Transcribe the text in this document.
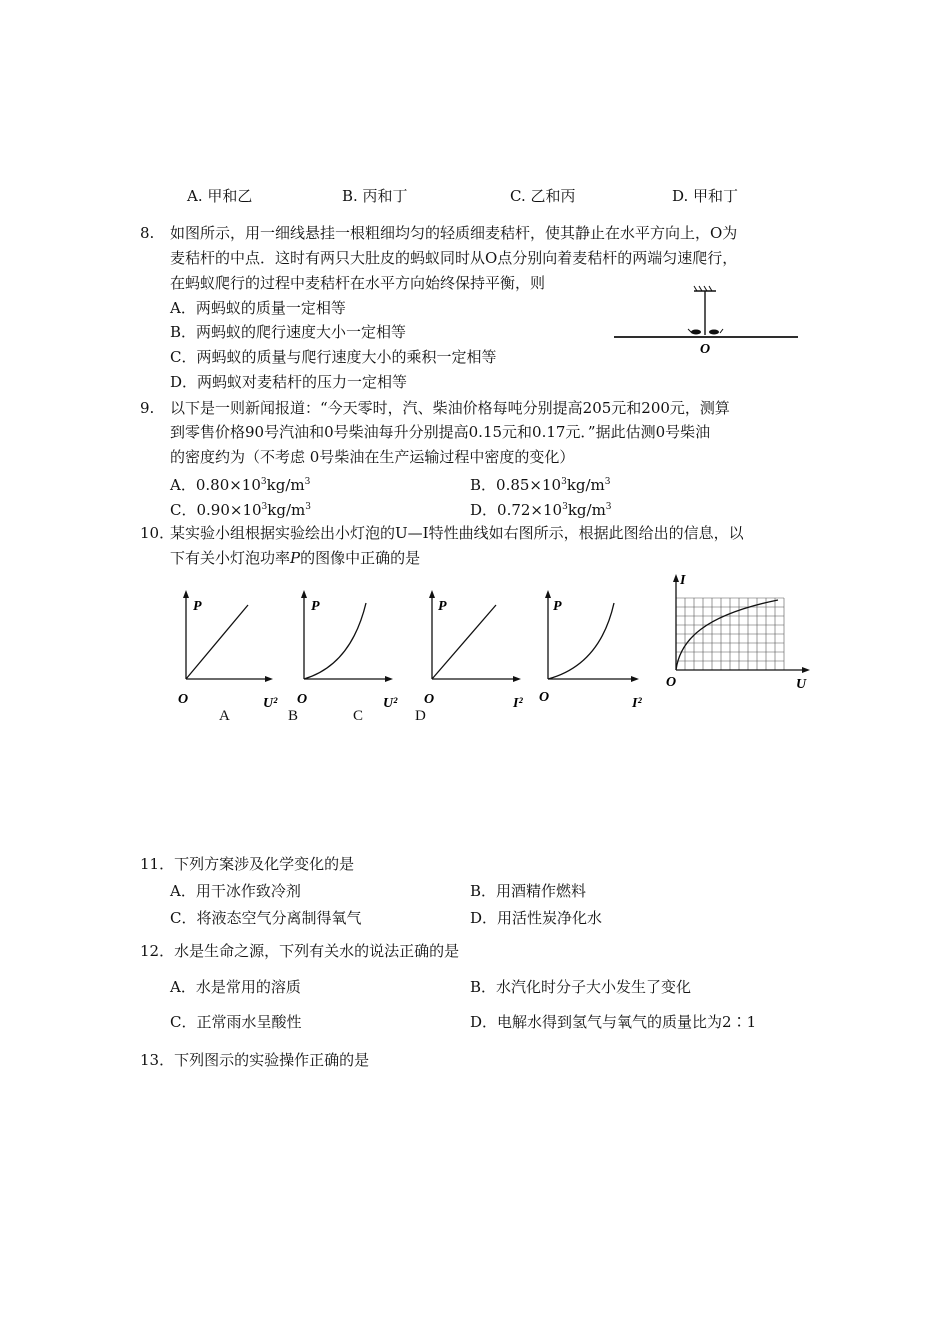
A. 甲和乙	B. 丙和丁	C. 乙和丙	D. 甲和丁
8. 如图所示，用一细线悬挂一根粗细均匀的轻质细麦秸杆，使其静止在水平方向上，O为
麦秸杆的中点．这时有两只大肚皮的蚂蚁同时从O点分别向着麦秸杆的两端匀速爬行，
在蚂蚁爬行的过程中麦秸杆在水平方向始终保持平衡，则
A．两蚂蚁的质量一定相等
B．两蚂蚁的爬行速度大小一定相等
C．两蚂蚁的质量与爬行速度大小的乘积一定相等
D．两蚂蚁对麦秸杆的压力一定相等
O
9. 以下是一则新闻报道：“今天零时，汽、柴油价格每吨分别提高205元和200元，测算
到零售价格90号汽油和0号柴油每升分别提高0.15元和0.17元．”据此估测0号柴油
的密度约为（不考虑 0号柴油在生产运输过程中密度的变化）
A．$0.80\times 10^3kg/m^3$	B．$0.85\times 10^3kg/m^3$
C．$0.90\times 10^3kg/m^3$	D．$0.72\times 10^3kg/m^3$
10．
某实验小组根据实验绘出小灯泡的U—I特性曲线如右图所示，根据此图给出的信息，以
下有关小灯泡功率P的图像中正确的是
P
O	U²
P
O	U²
P
O	I²
P
O	I²
A	B	C	D
I
O	U
11．下列方案涉及化学变化的是
A．用干冰作致冷剂	B．用酒精作燃料
C．将液态空气分离制得氧气	D．用活性炭净化水
12．水是生命之源，下列有关水的说法正确的是
A．水是常用的溶质	B．水汽化时分子大小发生了变化
C．正常雨水呈酸性	D．电解水得到氢气与氧气的质量比为2∶1
13．下列图示的实验操作正确的是
